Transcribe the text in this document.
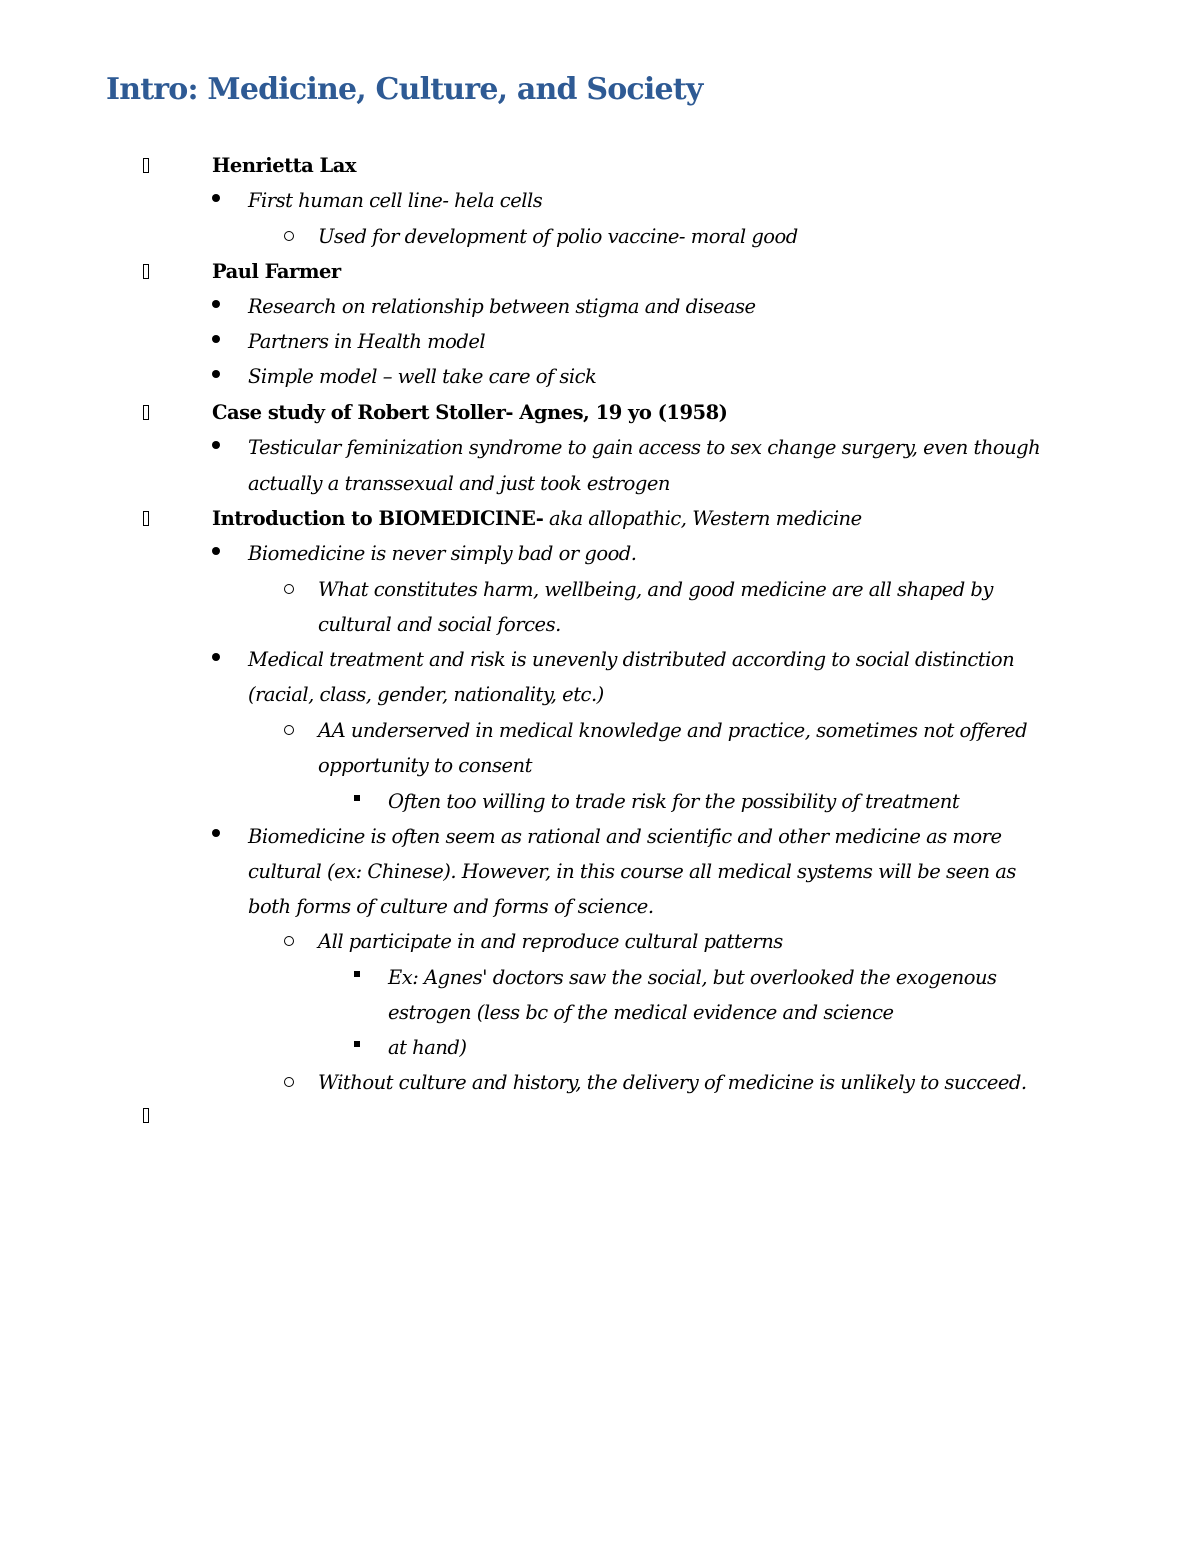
Intro: Medicine, Culture, and Society
Henrietta Lax
First human cell line- hela cells
Used for development of polio vaccine- moral good
Paul Farmer
Research on relationship between stigma and disease
Partners in Health model
Simple model – well take care of sick
Case study of Robert Stoller- Agnes, 19 yo (1958)
Testicular feminization syndrome to gain access to sex change surgery, even though
actually a transsexual and just took estrogen
Introduction to BIOMEDICINE- aka allopathic, Western medicine
Biomedicine is never simply bad or good.
What constitutes harm, wellbeing, and good medicine are all shaped by
cultural and social forces.
Medical treatment and risk is unevenly distributed according to social distinction
(racial, class, gender, nationality, etc.)
AA underserved in medical knowledge and practice, sometimes not offered
opportunity to consent
Often too willing to trade risk for the possibility of treatment
Biomedicine is often seem as rational and scientific and other medicine as more
cultural (ex: Chinese). However, in this course all medical systems will be seen as
both forms of culture and forms of science.
All participate in and reproduce cultural patterns
Ex: Agnes' doctors saw the social, but overlooked the exogenous
estrogen (less bc of the medical evidence and science
at hand)
Without culture and history, the delivery of medicine is unlikely to succeed.
